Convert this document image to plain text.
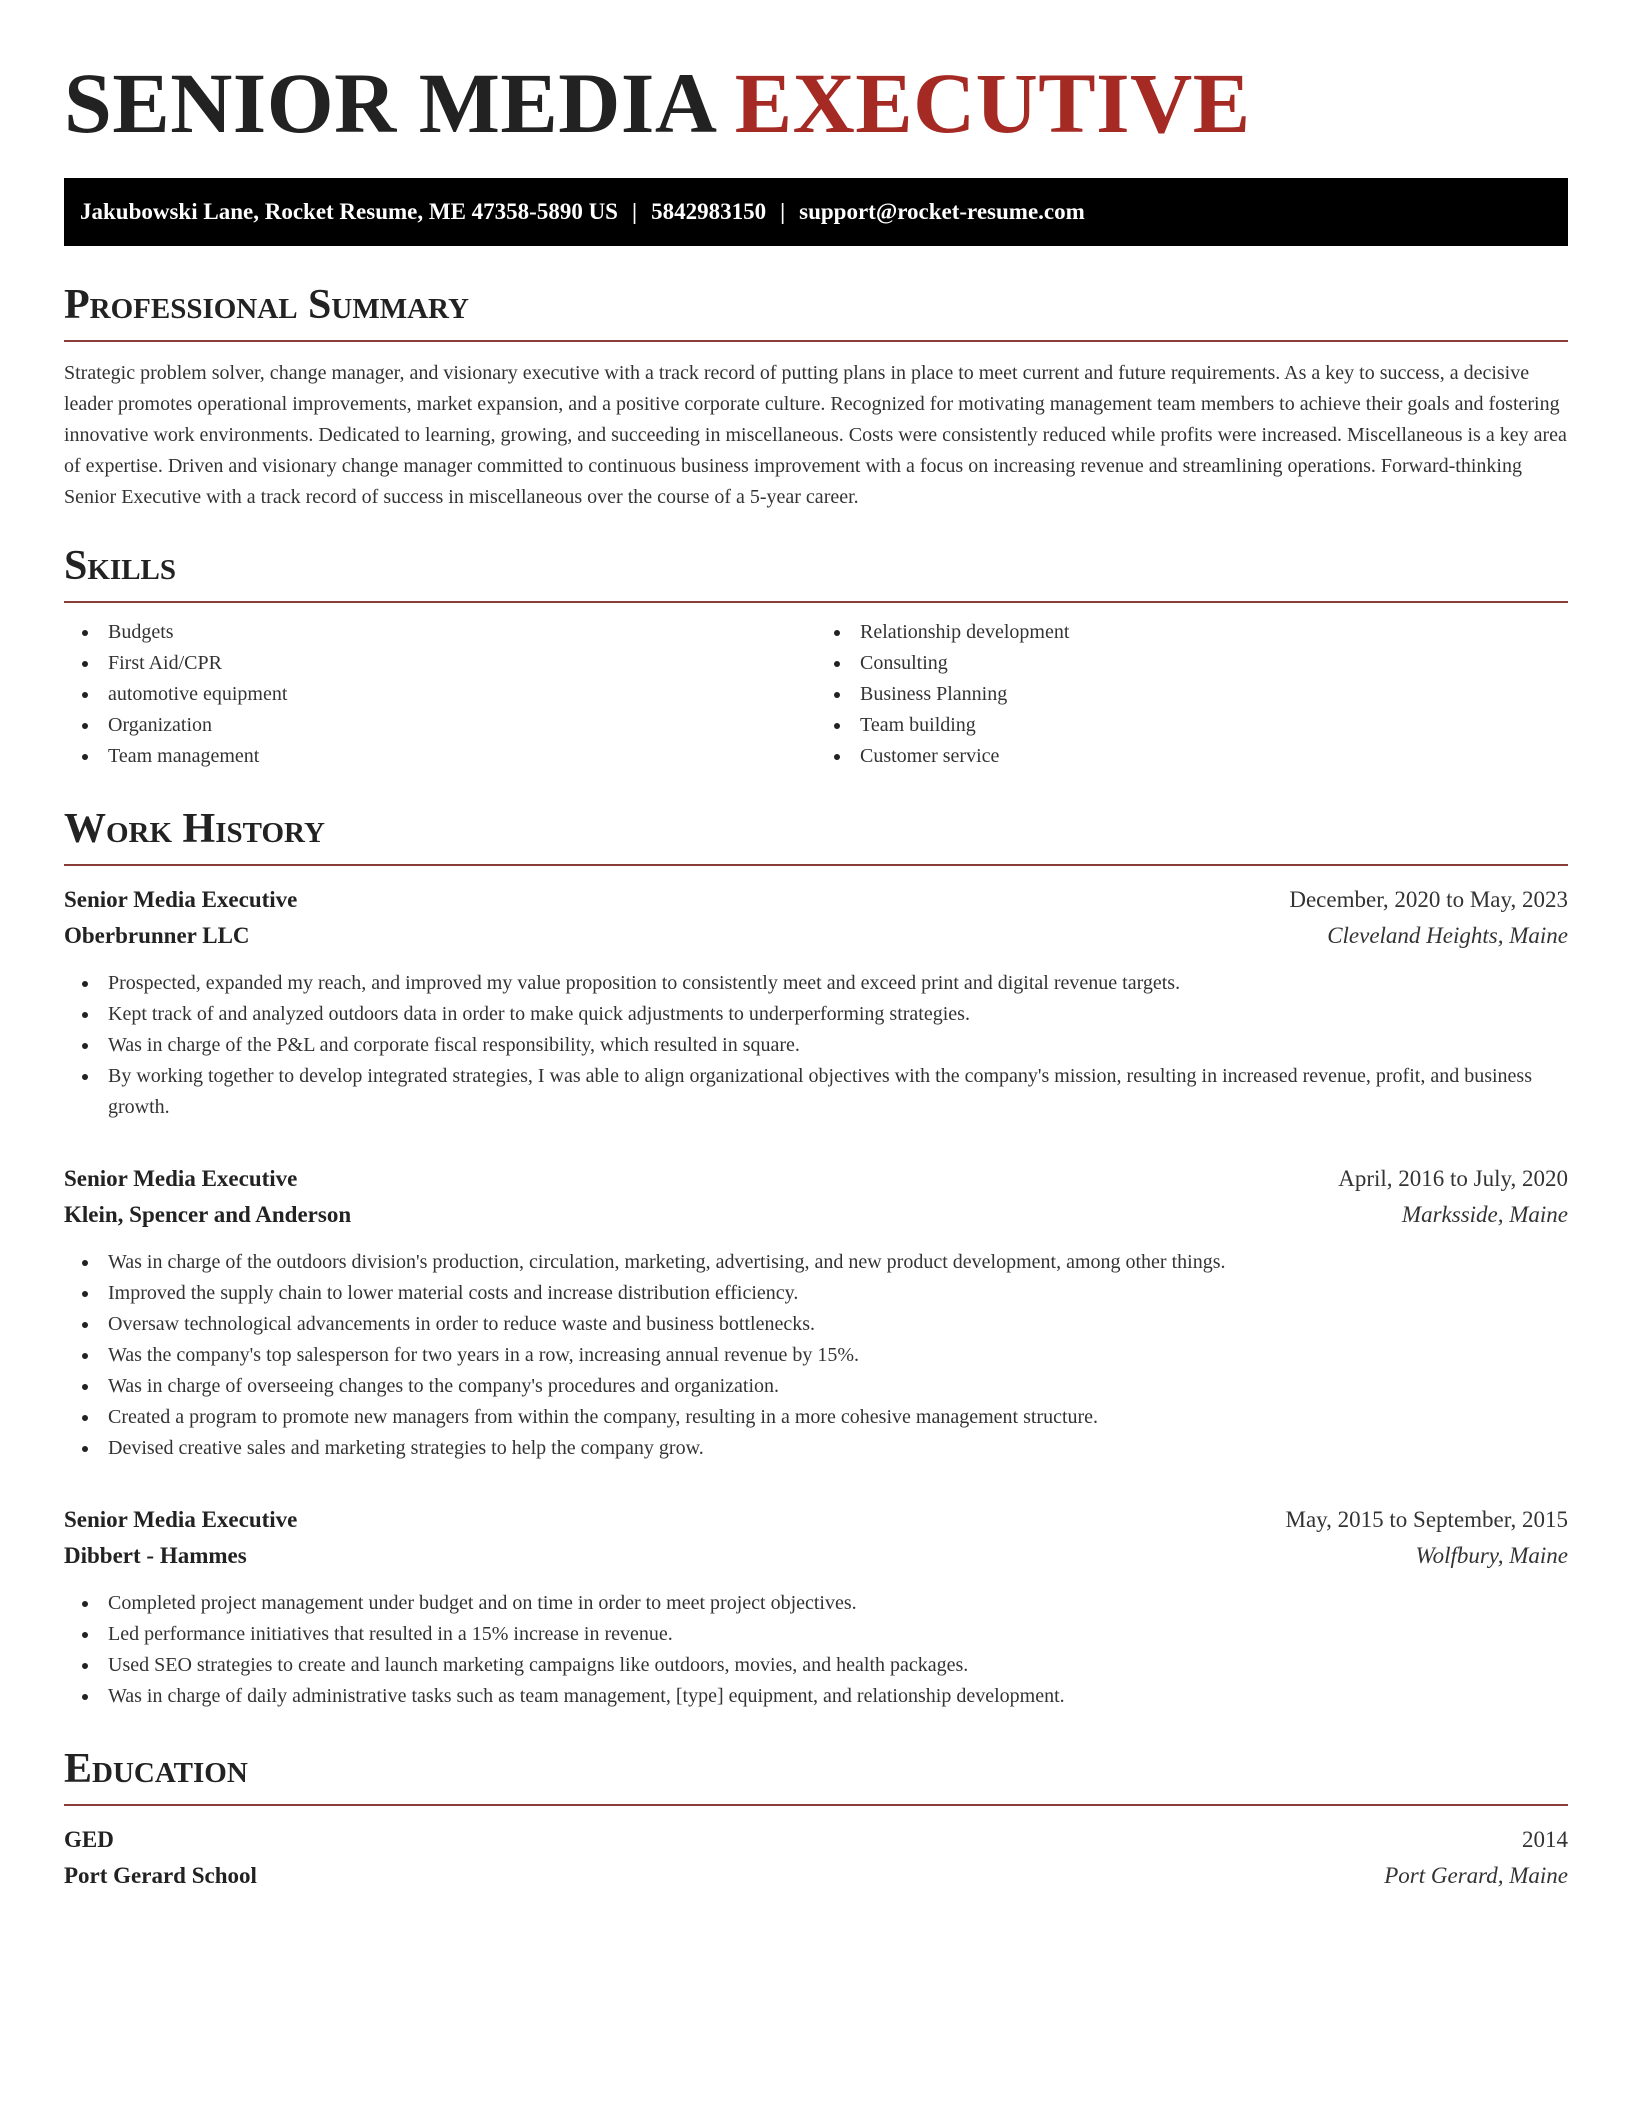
SENIOR MEDIA EXECUTIVE
Jakubowski Lane, Rocket Resume, ME 47358-5890 US | 5842983150 | support@rocket-resume.com
Professional Summary

Strategic problem solver, change manager, and visionary executive with a track record of putting plans in place to meet current and future requirements. As a key to success, a decisive leader promotes operational improvements, market expansion, and a positive corporate culture. Recognized for motivating management team members to achieve their goals and fostering innovative work environments. Dedicated to learning, growing, and succeeding in miscellaneous. Costs were consistently reduced while profits were increased. Miscellaneous is a key area of expertise. Driven and visionary change manager committed to continuous business improvement with a focus on increasing revenue and streamlining operations. Forward-thinking Senior Executive with a track record of success in miscellaneous over the course of a 5-year career.

Skills
Budgets
First Aid/CPR
automotive equipment
Organization
Team management
Relationship development
Consulting
Business Planning
Team building
Customer service
Work History
Senior Media Executive	December, 2020 to May, 2023
Oberbrunner LLC	Cleveland Heights, Maine
Prospected, expanded my reach, and improved my value proposition to consistently meet and exceed print and digital revenue targets.
Kept track of and analyzed outdoors data in order to make quick adjustments to underperforming strategies.
Was in charge of the P&L and corporate fiscal responsibility, which resulted in square.
By working together to develop integrated strategies, I was able to align organizational objectives with the company's mission, resulting in increased revenue, profit, and business growth.
Senior Media Executive	April, 2016 to July, 2020
Klein, Spencer and Anderson	Marksside, Maine
Was in charge of the outdoors division's production, circulation, marketing, advertising, and new product development, among other things.
Improved the supply chain to lower material costs and increase distribution efficiency.
Oversaw technological advancements in order to reduce waste and business bottlenecks.
Was the company's top salesperson for two years in a row, increasing annual revenue by 15%.
Was in charge of overseeing changes to the company's procedures and organization.
Created a program to promote new managers from within the company, resulting in a more cohesive management structure.
Devised creative sales and marketing strategies to help the company grow.
Senior Media Executive	May, 2015 to September, 2015
Dibbert - Hammes	Wolfbury, Maine
Completed project management under budget and on time in order to meet project objectives.
Led performance initiatives that resulted in a 15% increase in revenue.
Used SEO strategies to create and launch marketing campaigns like outdoors, movies, and health packages.
Was in charge of daily administrative tasks such as team management, [type] equipment, and relationship development.
Education
GED	2014
Port Gerard School	Port Gerard, Maine
